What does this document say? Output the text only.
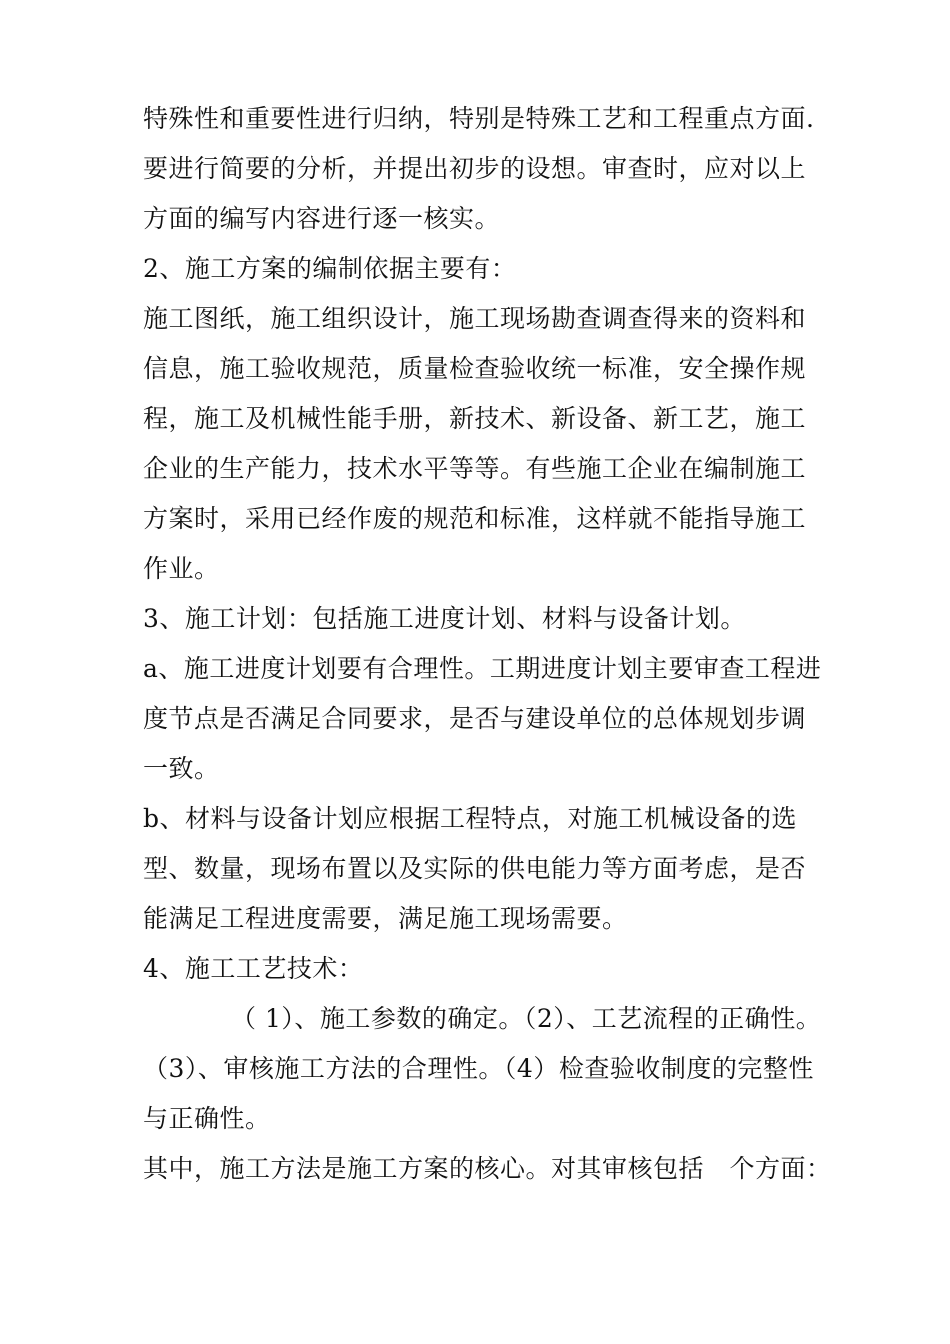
特殊性和重要性进行归纳，特别是特殊工艺和工程重点方面.
要进行简要的分析，并提出初步的设想。审查时，应对以上
方面的编写内容进行逐一核实。
2、施工方案的编制依据主要有：
施工图纸，施工组织设计，施工现场勘查调查得来的资料和
信息，施工验收规范，质量检查验收统一标准，安全操作规
程，施工及机械性能手册，新技术、新设备、新工艺，施工
企业的生产能力，技术水平等等。有些施工企业在编制施工
方案时，采用已经作废的规范和标准，这样就不能指导施工
作业。
3、施工计划：包括施工进度计划、材料与设备计划。
a、施工进度计划要有合理性。工期进度计划主要审查工程进
度节点是否满足合同要求，是否与建设单位的总体规划步调
一致。
b、材料与设备计划应根据工程特点，对施工机械设备的选
型、数量，现场布置以及实际的供电能力等方面考虑，是否
能满足工程进度需要，满足施工现场需要。
4、施工工艺技术：
（ 1）、施工参数的确定。（2）、工艺流程的正确性。
（3）、审核施工方法的合理性。（4）检查验收制度的完整性
与正确性。
其中，施工方法是施工方案的核心。对其审核包括　个方面：
